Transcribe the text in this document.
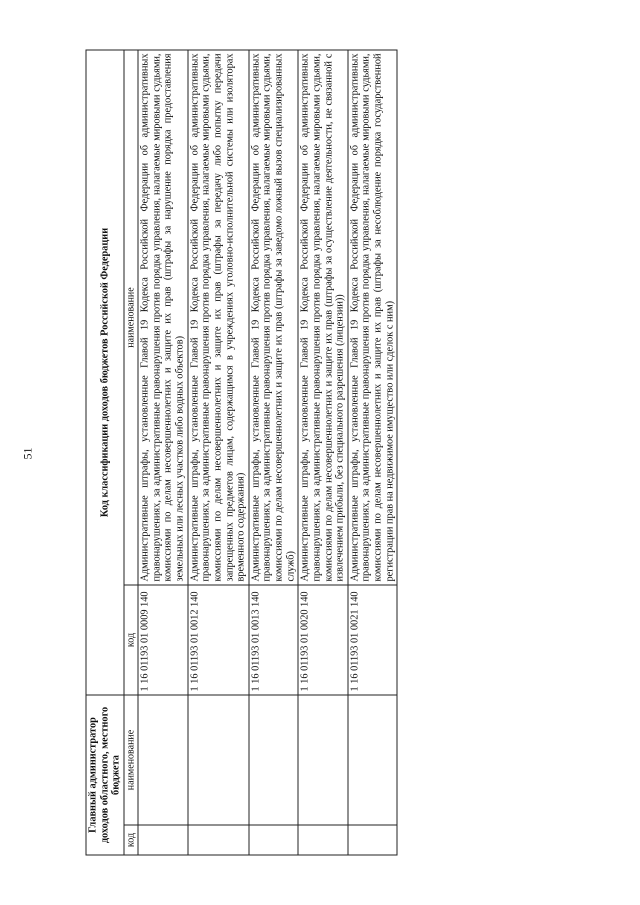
51
Главный администратор доходов областного, местного бюджета		Код классификации доходов бюджетов Российской Федерации	
код	наименование	код	наименование
		1 16 01193 01 0009 140	Административные штрафы, установленные Главой 19 Кодекса Российской Федерации об административных правонарушениях, за административные правонарушения против порядка управления, налагаемые мировыми судьями, комиссиями по делам несовершеннолетних и защите их прав (штрафы за нарушение порядка предоставления земельных или лесных участков либо водных объектов)
		1 16 01193 01 0012 140	Административные штрафы, установленные Главой 19 Кодекса Российской Федерации об административных правонарушениях, за административные правонарушения против порядка управления, налагаемые мировыми судьями, комиссиями по делам несовершеннолетних и защите их прав (штрафы за передачу либо попытку передачи запрещенных предметов лицам, содержащимся в учреждениях уголовно-исполнительной системы или изоляторах временного содержания)
		1 16 01193 01 0013 140	Административные штрафы, установленные Главой 19 Кодекса Российской Федерации об административных правонарушениях, за административные правонарушения против порядка управления, налагаемые мировыми судьями, комиссиями по делам несовершеннолетних и защите их прав (штрафы за заведомо ложный вызов специализированных служб)
		1 16 01193 01 0020 140	Административные штрафы, установленные Главой 19 Кодекса Российской Федерации об административных правонарушениях, за административные правонарушения против порядка управления, налагаемые мировыми судьями, комиссиями по делам несовершеннолетних и защите их прав (штрафы за осуществление деятельности, не связанной с извлечением прибыли, без специального разрешения (лицензии))
		1 16 01193 01 0021 140	Административные штрафы, установленные Главой 19 Кодекса Российской Федерации об административных правонарушениях, за административные правонарушения против порядка управления, налагаемые мировыми судьями, комиссиями по делам несовершеннолетних и защите их прав (штрафы за несоблюдение порядка государственной регистрации прав на недвижимое имущество или сделок с ним)
